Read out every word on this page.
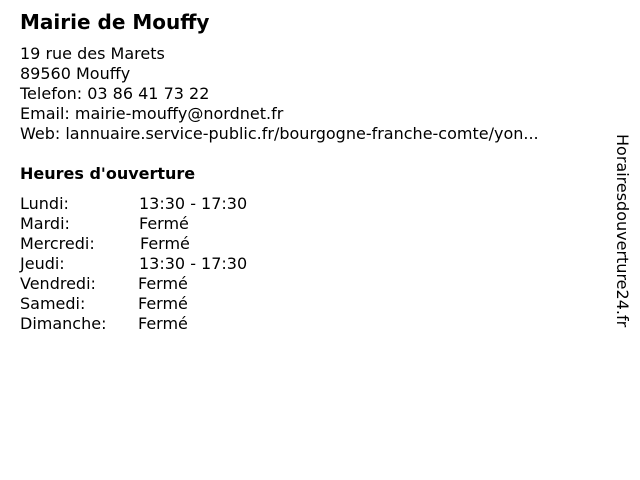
Mairie de Mouffy
19 rue des Marets
89560 Mouffy
Telefon: 03 86 41 73 22
Email: mairie-mouffy@nordnet.fr
Web: lannuaire.service-public.fr/bourgogne-franche-comte/yon...
Heures d'ouverture
Lundi:	13:30 - 17:30
Mardi:	Fermé
Mercredi:	Fermé
Jeudi:	13:30 - 17:30
Vendredi:	Fermé
Samedi:	Fermé
Dimanche: Fermé	Horairesdouverture24.fr
